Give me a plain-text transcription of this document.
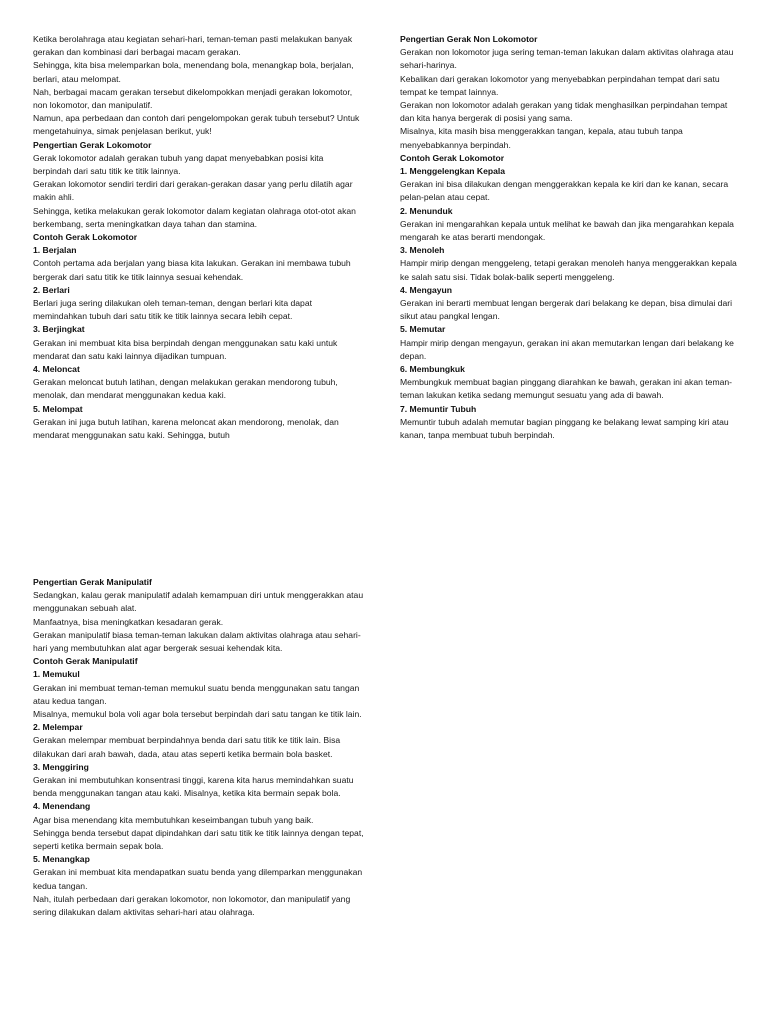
Ketika berolahraga atau kegiatan sehari-hari, teman-teman pasti melakukan banyak gerakan dan kombinasi dari berbagai macam gerakan.

Sehingga, kita bisa melemparkan bola, menendang bola, menangkap bola, berjalan, berlari, atau melompat.

Nah, berbagai macam gerakan tersebut dikelompokkan menjadi gerakan lokomotor, non lokomotor, dan manipulatif.

Namun, apa perbedaan dan contoh dari pengelompokan gerak tubuh tersebut? Untuk mengetahuinya, simak penjelasan berikut, yuk!

Pengertian Gerak Lokomotor

Gerak lokomotor adalah gerakan tubuh yang dapat menyebabkan posisi kita berpindah dari satu titik ke titik lainnya.

Gerakan lokomotor sendiri terdiri dari gerakan-gerakan dasar yang perlu dilatih agar makin ahli.

Sehingga, ketika melakukan gerak lokomotor dalam kegiatan olahraga otot-otot akan berkembang, serta meningkatkan daya tahan dan stamina.

Contoh Gerak Lokomotor

1. Berjalan

Contoh pertama ada berjalan yang biasa kita lakukan. Gerakan ini membawa tubuh bergerak dari satu titik ke titik lainnya sesuai kehendak.

2. Berlari

Berlari juga sering dilakukan oleh teman-teman, dengan berlari kita dapat memindahkan tubuh dari satu titik ke titik lainnya secara lebih cepat.

3. Berjingkat

Gerakan ini membuat kita bisa berpindah dengan menggunakan satu kaki untuk mendarat dan satu kaki lainnya dijadikan tumpuan.

4. Meloncat

Gerakan meloncat butuh latihan, dengan melakukan gerakan mendorong tubuh, menolak, dan mendarat menggunakan kedua kaki.

5. Melompat

Gerakan ini juga butuh latihan, karena meloncat akan mendorong, menolak, dan mendarat menggunakan satu kaki. Sehingga, butuh

Pengertian Gerak Non Lokomotor

Gerakan non lokomotor juga sering teman-teman lakukan dalam aktivitas olahraga atau sehari-harinya.

Kebalikan dari gerakan lokomotor yang menyebabkan perpindahan tempat dari satu tempat ke tempat lainnya.

Gerakan non lokomotor adalah gerakan yang tidak menghasilkan perpindahan tempat dan kita hanya bergerak di posisi yang sama.

Misalnya, kita masih bisa menggerakkan tangan, kepala, atau tubuh tanpa menyebabkannya berpindah.

Contoh Gerak Lokomotor

1. Menggelengkan Kepala

Gerakan ini bisa dilakukan dengan menggerakkan kepala ke kiri dan ke kanan, secara pelan-pelan atau cepat.

2. Menunduk

Gerakan ini mengarahkan kepala untuk melihat ke bawah dan jika mengarahkan kepala mengarah ke atas berarti mendongak.

3. Menoleh

Hampir mirip dengan menggeleng, tetapi gerakan menoleh hanya menggerakkan kepala ke salah satu sisi. Tidak bolak-balik seperti menggeleng.

4. Mengayun

Gerakan ini berarti membuat lengan bergerak dari belakang ke depan, bisa dimulai dari sikut atau pangkal lengan.

5. Memutar

Hampir mirip dengan mengayun, gerakan ini akan memutarkan lengan dari belakang ke depan.

6. Membungkuk

Membungkuk membuat bagian pinggang diarahkan ke bawah, gerakan ini akan teman-teman lakukan ketika sedang memungut sesuatu yang ada di bawah.

7. Memuntir Tubuh

Memuntir tubuh adalah memutar bagian pinggang ke belakang lewat samping kiri atau kanan, tanpa membuat tubuh berpindah.

Pengertian Gerak Manipulatif

Sedangkan, kalau gerak manipulatif adalah kemampuan diri untuk menggerakkan atau menggunakan sebuah alat.

Manfaatnya, bisa meningkatkan kesadaran gerak.

Gerakan manipulatif biasa teman-teman lakukan dalam aktivitas olahraga atau sehari-hari yang membutuhkan alat agar bergerak sesuai kehendak kita.

Contoh Gerak Manipulatif

1. Memukul

Gerakan ini membuat teman-teman memukul suatu benda menggunakan satu tangan atau kedua tangan.

Misalnya, memukul bola voli agar bola tersebut berpindah dari satu tangan ke titik lain.

2. Melempar

Gerakan melempar membuat berpindahnya benda dari satu titik ke titik lain. Bisa dilakukan dari arah bawah, dada, atau atas seperti ketika bermain bola basket.

3. Menggiring

Gerakan ini membutuhkan konsentrasi tinggi, karena kita harus memindahkan suatu benda menggunakan tangan atau kaki. Misalnya, ketika kita bermain sepak bola.

4. Menendang

Agar bisa menendang kita membutuhkan keseimbangan tubuh yang baik.

Sehingga benda tersebut dapat dipindahkan dari satu titik ke titik lainnya dengan tepat, seperti ketika bermain sepak bola.

5. Menangkap

Gerakan ini membuat kita mendapatkan suatu benda yang dilemparkan menggunakan kedua tangan.

Nah, itulah perbedaan dari gerakan lokomotor, non lokomotor, dan manipulatif yang sering dilakukan dalam aktivitas sehari-hari atau olahraga.
